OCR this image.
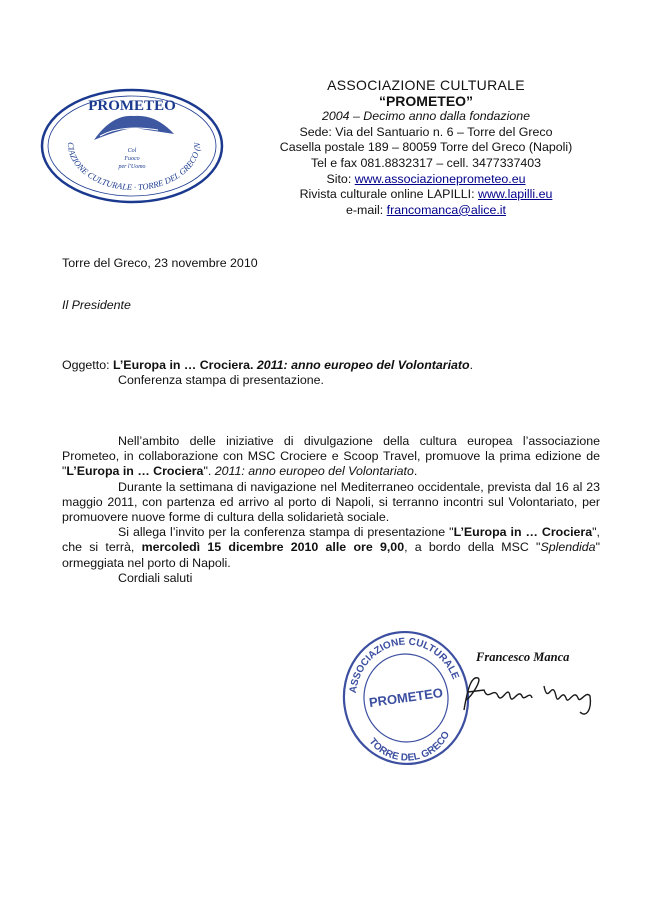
PROMETEO
Col
Fuoco
per l'Uomo
CIAZIONE CULTURALE · TORRE DEL GRECO (N
ASSOCIAZIONE CULTURALE
“PROMETEO”
2004 – Decimo anno dalla fondazione
Sede: Via del Santuario n. 6 – Torre del Greco
Casella postale 189 – 80059 Torre del Greco (Napoli)
Tel e fax 081.8832317 – cell. 3477337403
Sito: www.associazioneprometeo.eu
Rivista culturale online LAPILLI: www.lapilli.eu
e-mail: francomanca@alice.it
Torre del Greco, 23 novembre 2010
Il Presidente
Oggetto: L’Europa in … Crociera. 2011: anno europeo del Volontariato.
Conferenza stampa di presentazione.

Nell’ambito delle iniziative di divulgazione della cultura europea l’associazione Prometeo, in collaborazione con MSC Crociere e Scoop Travel, promuove la prima edizione de "L’Europa in … Crociera". 2011: anno europeo del Volontariato.

Durante la settimana di navigazione nel Mediterraneo occidentale, prevista dal 16 al 23 maggio 2011, con partenza ed arrivo al porto di Napoli, si terranno incontri sul Volontariato, per promuovere nuove forme di cultura della solidarietà sociale.

Si allega l’invito per la conferenza stampa di presentazione "L’Europa in … Crociera", che si terrà, mercoledì 15 dicembre 2010 alle ore 9,00, a bordo della MSC "Splendida" ormeggiata nel porto di Napoli.

Cordiali saluti

ASSOCIAZIONE CULTURALE
PROMETEO
TORRE DEL GRECO
Francesco Manca
